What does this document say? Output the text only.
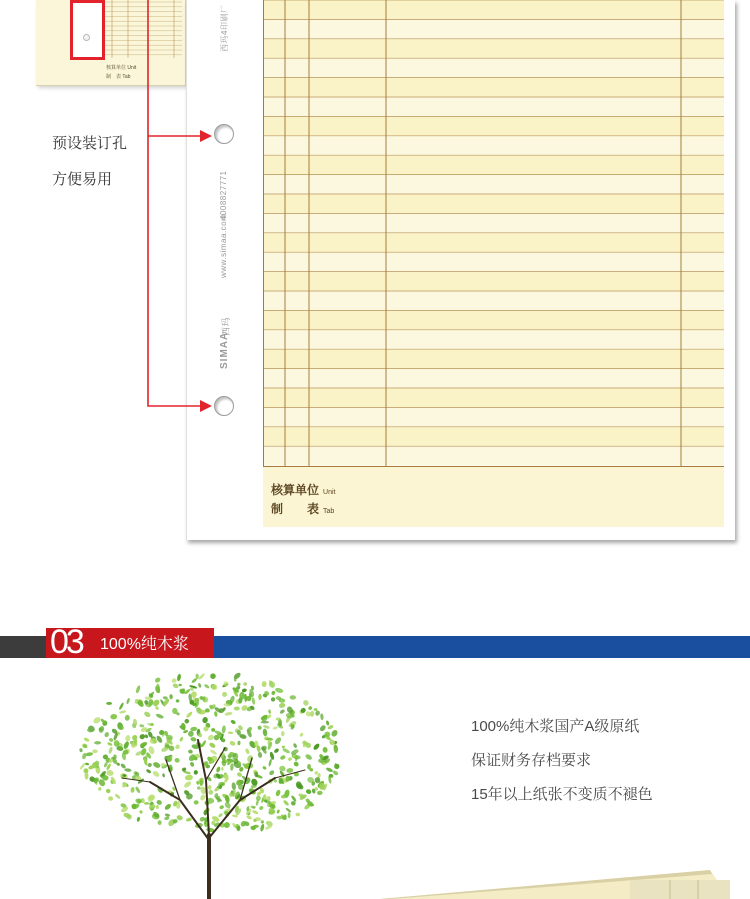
核算单位 Unit
制　表 Tab
西玛4印刷厂
4008827771
www.simaa.com
西玛
SIMAA
核算单位 Unit
制 表 Tab
预设装订孔
方便易用
03 100%纯木浆
100%纯木浆国产A级原纸
保证财务存档要求
15年以上纸张不变质不褪色
